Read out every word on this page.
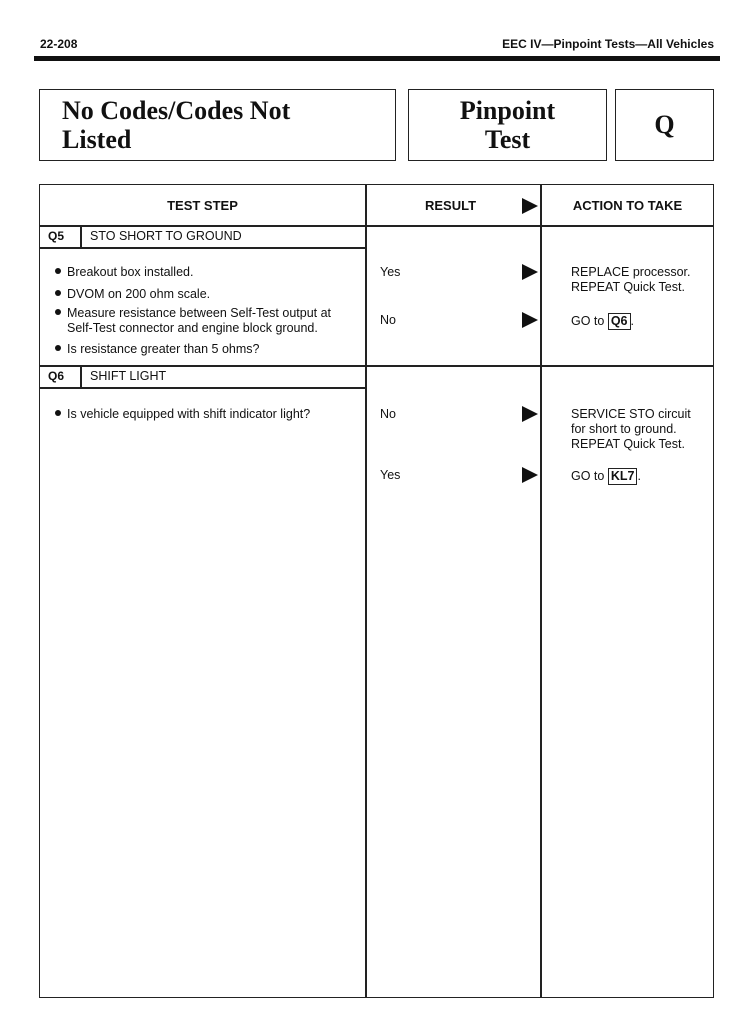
22-208	EEC IV—Pinpoint Tests—All Vehicles
No Codes/Codes Not
Listed
Pinpoint
Test
Q
TEST STEP	RESULT	ACTION TO TAKE
Q5 STO SHORT TO GROUND
Breakout box installed.
DVOM on 200 ohm scale.
Measure resistance between Self-Test output at
Self-Test connector and engine block ground.
Is resistance greater than 5 ohms?
Yes	REPLACE processor.
REPEAT Quick Test.
No	GO to Q6 .
Q6 SHIFT LIGHT
Is vehicle equipped with shift indicator light?	No	SERVICE STO circuit
for short to ground.
REPEAT Quick Test.
Yes	GO to KL7 .
